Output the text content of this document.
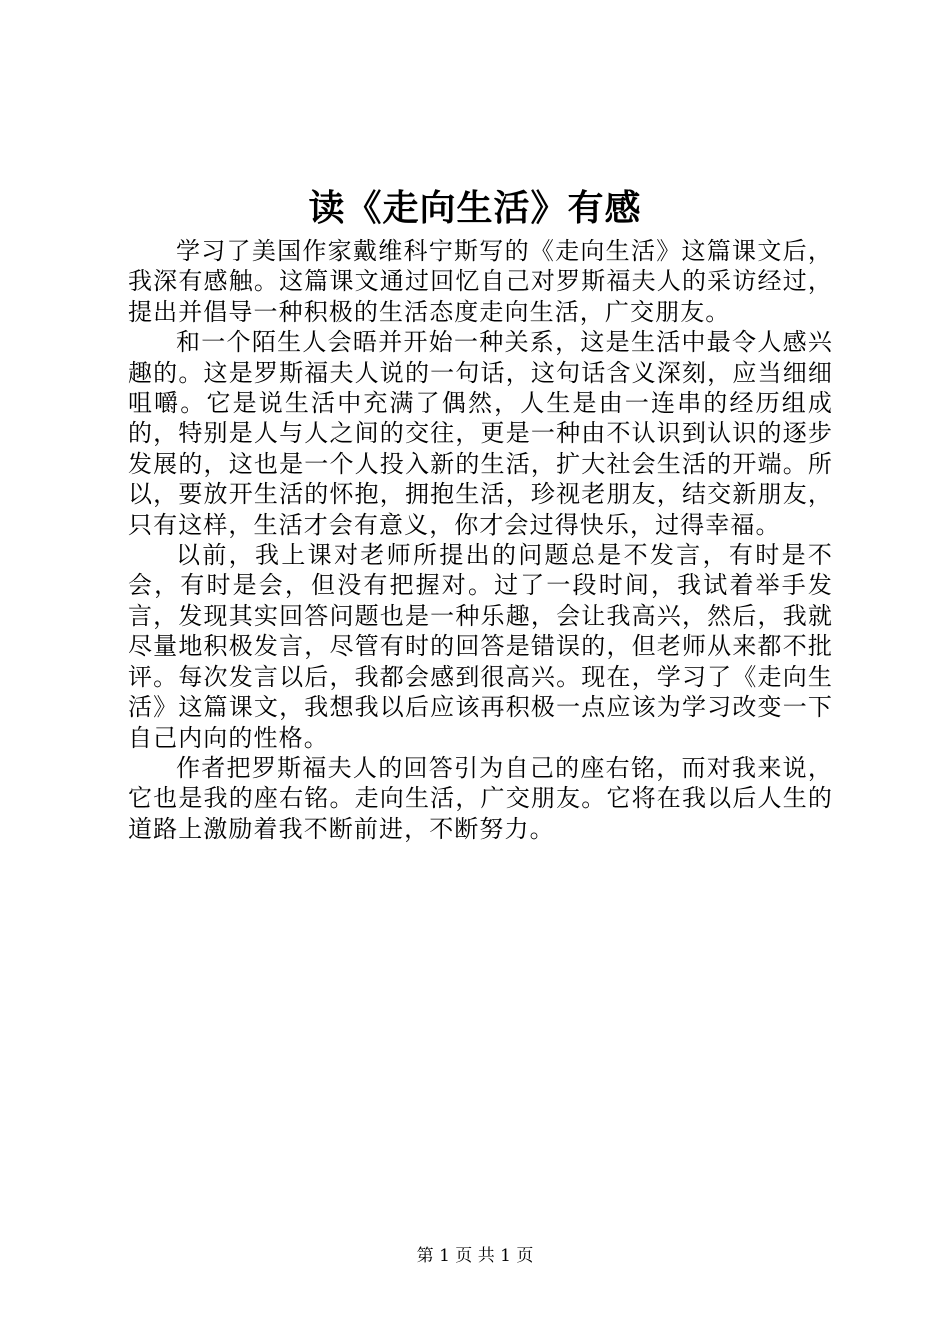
读《走向生活》有感

学习了美国作家戴维科宁斯写的《走向生活》这篇课文后，我深有感触。这篇课文通过回忆自己对罗斯福夫人的采访经过，提出并倡导一种积极的生活态度走向生活，广交朋友。

和一个陌生人会晤并开始一种关系，这是生活中最令人感兴趣的。这是罗斯福夫人说的一句话，这句话含义深刻，应当细细咀嚼。它是说生活中充满了偶然，人生是由一连串的经历组成的，特别是人与人之间的交往，更是一种由不认识到认识的逐步发展的，这也是一个人投入新的生活，扩大社会生活的开端。所以，要放开生活的怀抱，拥抱生活，珍视老朋友，结交新朋友，只有这样，生活才会有意义，你才会过得快乐，过得幸福。

以前，我上课对老师所提出的问题总是不发言，有时是不会，有时是会，但没有把握对。过了一段时间，我试着举手发言，发现其实回答问题也是一种乐趣，会让我高兴，然后，我就尽量地积极发言，尽管有时的回答是错误的，但老师从来都不批评。每次发言以后，我都会感到很高兴。现在，学习了《走向生活》这篇课文，我想我以后应该再积极一点应该为学习改变一下自己内向的性格。

作者把罗斯福夫人的回答引为自己的座右铭，而对我来说，它也是我的座右铭。走向生活，广交朋友。它将在我以后人生的道路上激励着我不断前进，不断努力。

第 1 页 共 1 页
